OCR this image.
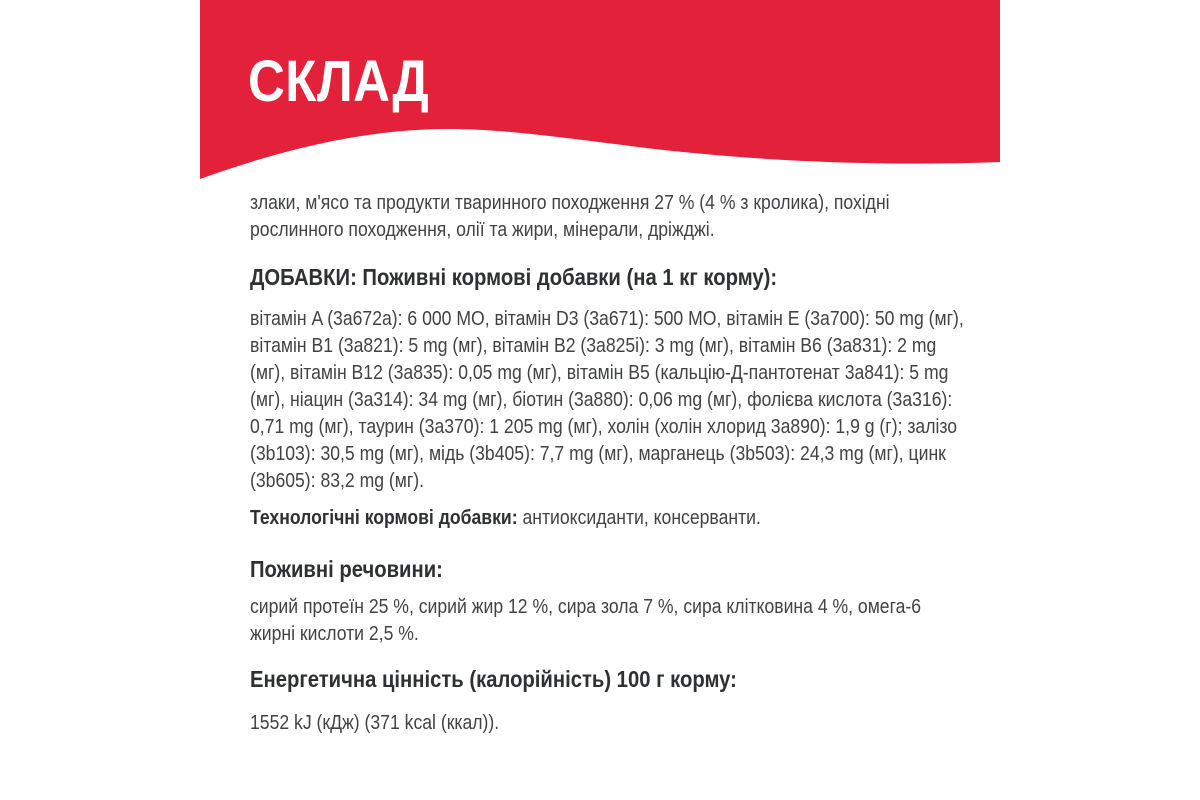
СКЛАД

злаки, м'ясо та продукти тваринного походження 27 % (4 % з кролика), похідні рослинного походження, олії та жири, мінерали, дріжджі.

ДОБАВКИ: Поживні кормові добавки (на 1 кг корму):

вітамін A (3a672a): 6 000 МО, вітамін D3 (3a671): 500 МО, вітамін E (3a700): 50 mg (мг), вітамін B1 (3a821): 5 mg (мг), вітамін B2 (3a825i): 3 mg (мг), вітамін B6 (3a831): 2 mg (мг), вітамін B12 (3a835): 0,05 mg (мг), вітамін B5 (кальцію-Д-пантотенат 3a841): 5 mg (мг), ніацин (3a314): 34 mg (мг), біотин (3a880): 0,06 mg (мг), фолієва кислота (3a316): 0,71 mg (мг), таурин (3a370): 1 205 mg (мг), холін (холін хлорид 3a890): 1,9 g (г); залізо (3b103): 30,5 mg (мг), мідь (3b405): 7,7 mg (мг), марганець (3b503): 24,3 mg (мг), цинк (3b605): 83,2 mg (мг).

Технологічні кормові добавки: антиоксиданти, консерванти.

Поживні речовини:

сирий протеїн 25 %, сирий жир 12 %, сира зола 7 %, сира клітковина 4 %, омега-6 жирні кислоти 2,5 %.

Енергетична цінність (калорійність) 100 г корму:

1552 kJ (кДж) (371 kcal (ккал)).
